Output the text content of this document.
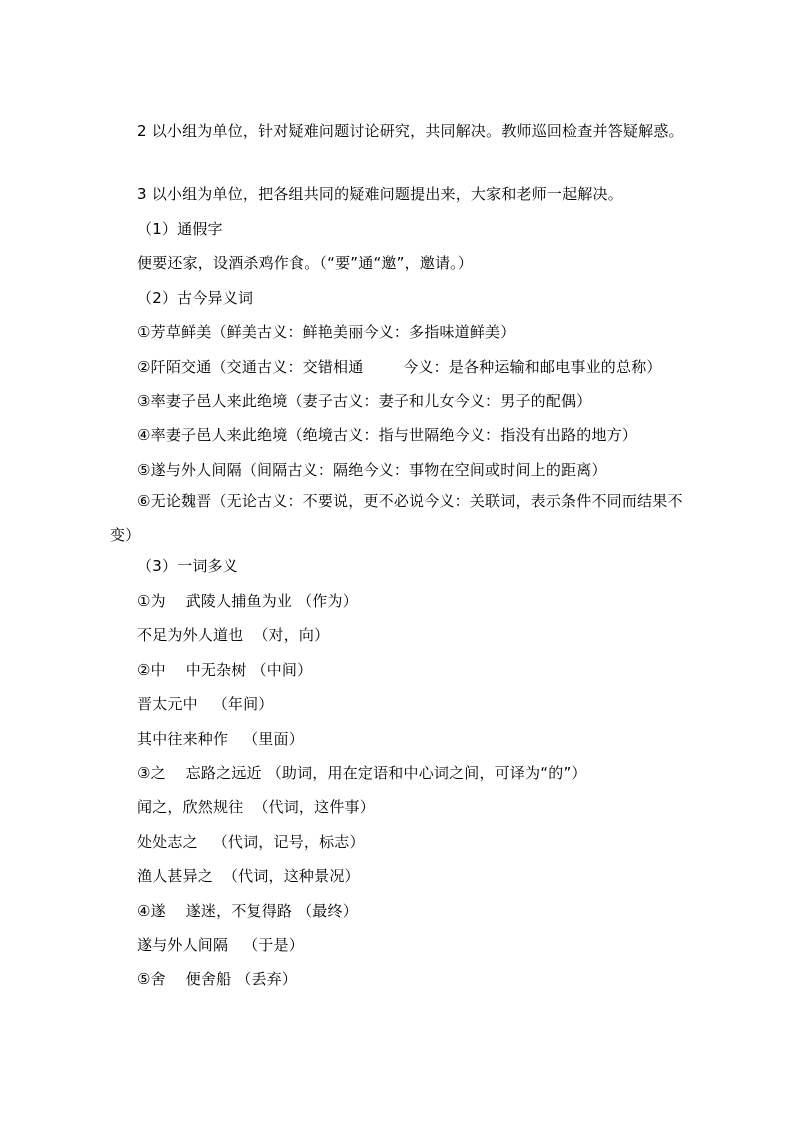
2 以小组为单位，针对疑难问题讨论研究，共同解决。教师巡回检查并答疑解惑。
3 以小组为单位，把各组共同的疑难问题提出来，大家和老师一起解决。
（1）通假字
便要还家，设酒杀鸡作食。（“要”通“邀”，邀请。）
（2）古今异义词
①芳草鲜美（鲜美古义：鲜艳美丽今义：多指味道鲜美）
②阡陌交通（交通古义：交错相通        今义：是各种运输和邮电事业的总称）
③率妻子邑人来此绝境（妻子古义：妻子和儿女今义：男子的配偶）
④率妻子邑人来此绝境（绝境古义：指与世隔绝今义：指没有出路的地方）
⑤遂与外人间隔（间隔古义：隔绝今义：事物在空间或时间上的距离）
⑥无论魏晋（无论古义：不要说，更不必说今义：关联词，表示条件不同而结果不变）
（3）一词多义
①为    武陵人捕鱼为业 （作为）
不足为外人道也  （对，向）
②中    中无杂树 （中间）
晋太元中   （年间）
其中往来种作   （里面）
③之    忘路之远近 （助词，用在定语和中心词之间，可译为“的”）
闻之，欣然规往  （代词，这件事）
处处志之   （代词，记号，标志）
渔人甚异之  （代词，这种景况）
④遂    遂迷，不复得路 （最终）
遂与外人间隔   （于是）
⑤舍    便舍船 （丢弃）
